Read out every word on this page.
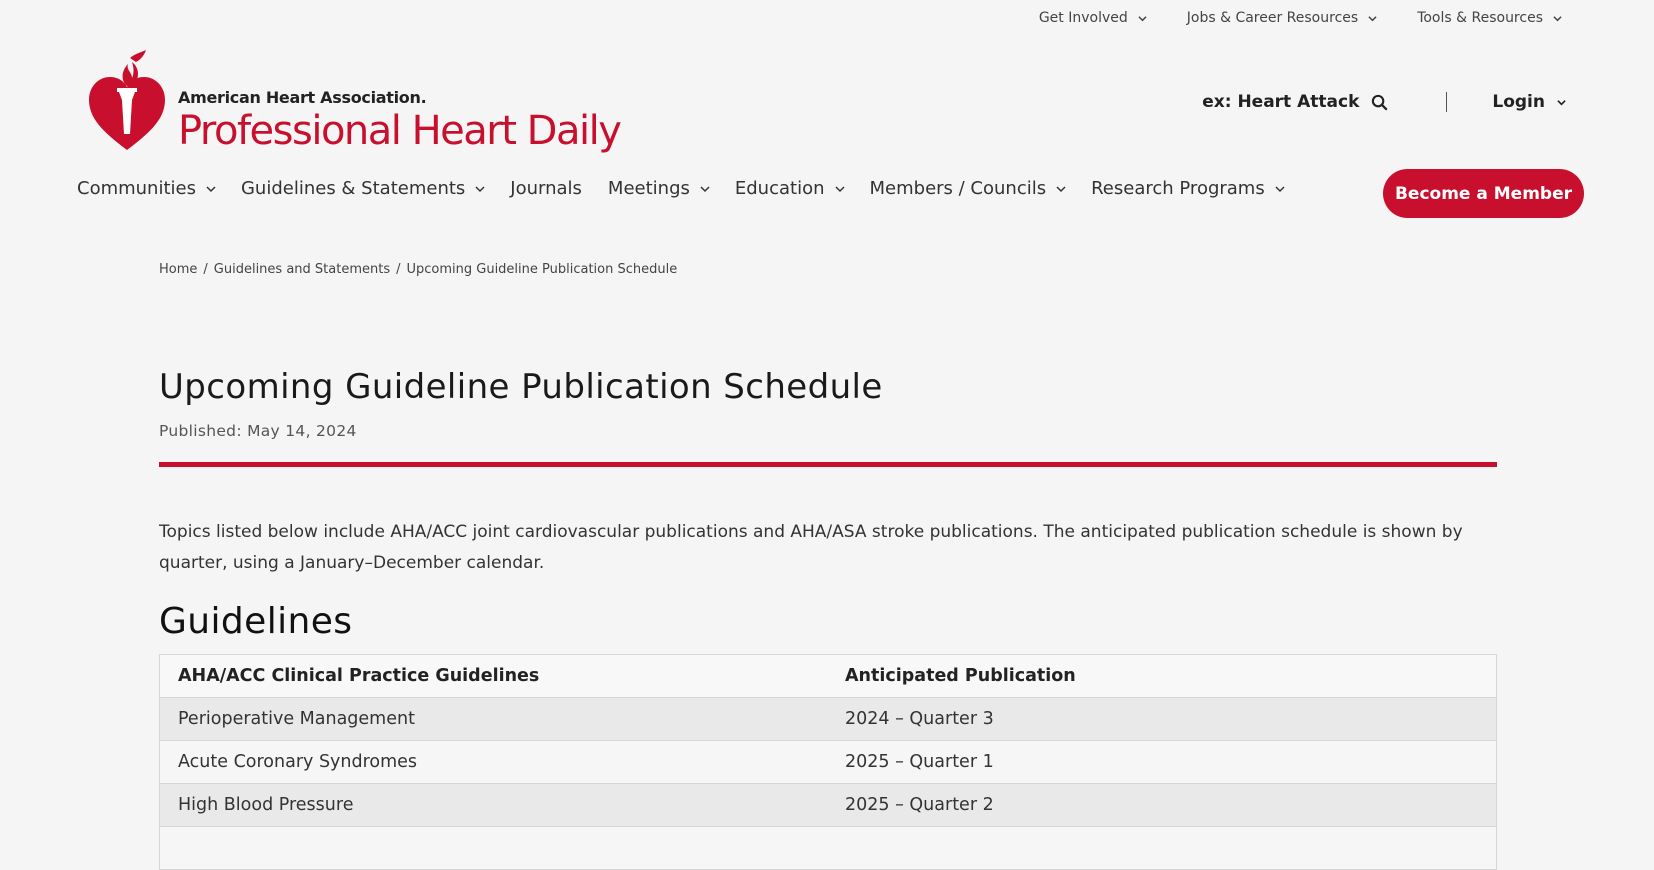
Get Involved	Jobs & Career Resources	Tools & Resources
American Heart Association.
Professional Heart Daily
ex: Heart Attack	Login
Communities	Guidelines & Statements	Journals Meetings	Education	Members / Councils	Research Programs	Become a Member
Home / Guidelines and Statements / Upcoming Guideline Publication Schedule
Upcoming Guideline Publication Schedule
Published: May 14, 2024

Topics listed below include AHA/ACC joint cardiovascular publications and AHA/ASA stroke publications. The anticipated publication schedule is shown by quarter, using a January–December calendar.

Guidelines
AHA/ACC Clinical Practice Guidelines	Anticipated Publication
Perioperative Management	2024 – Quarter 3
Acute Coronary Syndromes	2025 – Quarter 1
High Blood Pressure	2025 – Quarter 2
